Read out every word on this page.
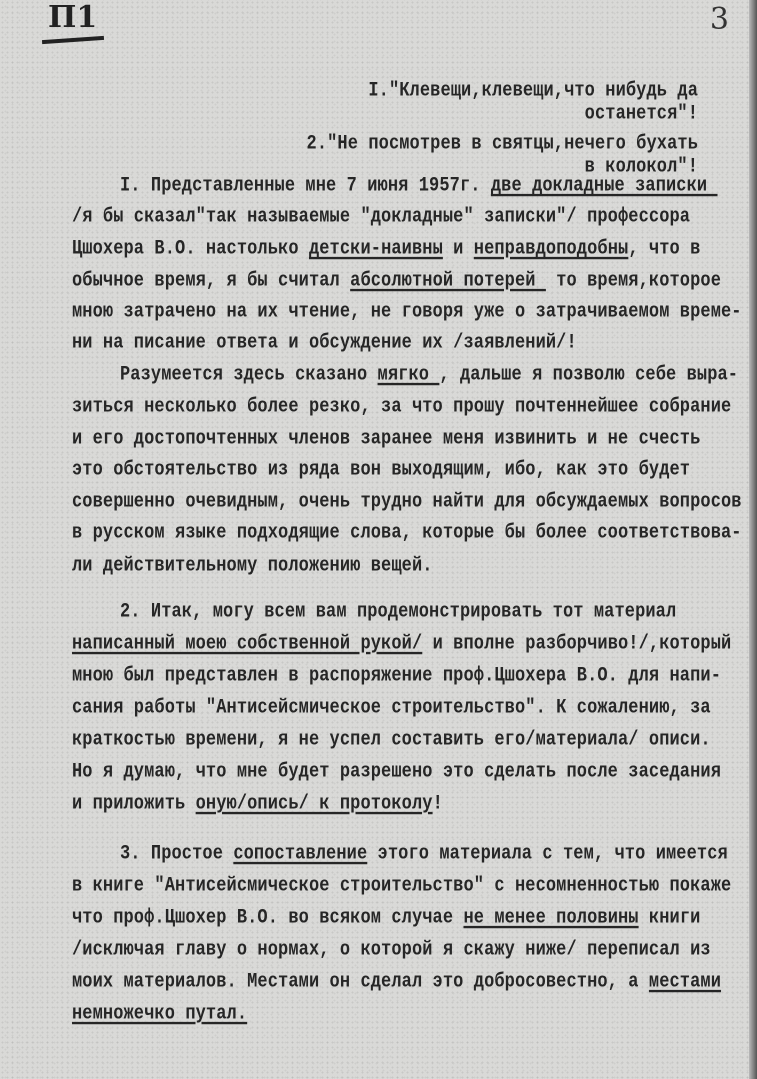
П1	3
I."Клевещи,клевещи,что нибудь да
останется"!
2."Не посмотрев в святцы,нечего бухать
в колокол"!
I. Представленные мне 7 июня 1957г. две докладные записки
/я бы сказал"так называемые "докладные" записки"/ профессора
Цшохера В.О. настолько детски-наивны и неправдоподобны, что в
обычное время, я бы считал абсолютной потерей  то время,которое
мною затрачено на их чтение, не говоря уже о затрачиваемом време-
ни на писание ответа и обсуждение их /заявлений/!
Разумеется здесь сказано мягко , дальше я позволю себе выра-
зиться несколько более резко, за что прошу почтеннейшее собрание
и его достопочтенных членов заранее меня извинить и не счесть
это обстоятельство из ряда вон выходящим, ибо, как это будет
совершенно очевидным, очень трудно найти для обсуждаемых вопросов
в русском языке подходящие слова, которые бы более соответствова-
ли действительному положению вещей.
2. Итак, могу всем вам продемонстрировать тот материал
написанный моею собственной рукой/ и вполне разборчиво!/,который
мною был представлен в распоряжение проф.Цшохера В.О. для напи-
сания работы "Антисейсмическое строительство". К сожалению, за
краткостью времени, я не успел составить его/материала/ описи.
Но я думаю, что мне будет разрешено это сделать после заседания
и приложить оную/опись/ к протоколу!
3. Простое сопоставление этого материала с тем, что имеется
в книге "Антисейсмическое строительство" с несомненностью покаже
что проф.Цшохер В.О. во всяком случае не менее половины книги
/исключая главу о нормах, о которой я скажу ниже/ переписал из
моих материалов. Местами он сделал это добросовестно, а местами
немножечко путал.
